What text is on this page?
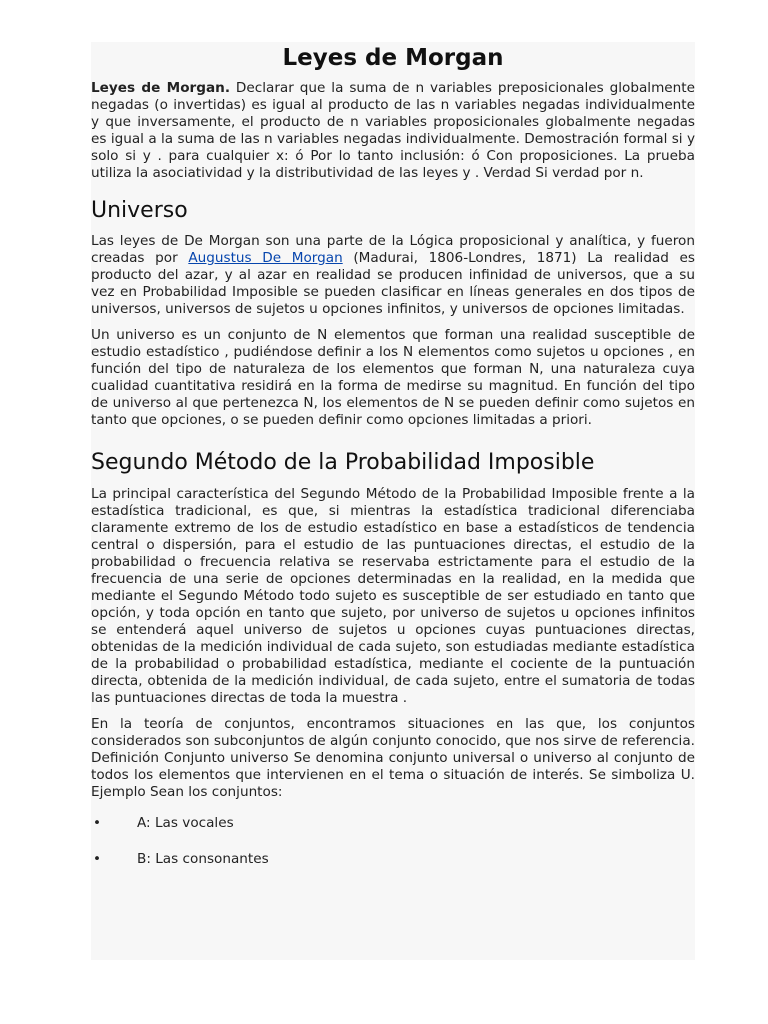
Leyes de Morgan

Leyes de Morgan. Declarar que la suma de n variables preposicionales globalmente negadas (o invertidas) es igual al producto de las n variables negadas individualmente y que inversamente, el producto de n variables proposicionales globalmente negadas es igual a la suma de las n variables negadas individualmente. Demostración formal si y solo si y . para cualquier x: ó Por lo tanto inclusión: ó Con proposiciones. La prueba utiliza la asociatividad y la distributividad de las leyes y . Verdad Si verdad por n.

Universo

Las leyes de De Morgan son una parte de la Lógica proposicional y analítica, y fueron creadas por Augustus De Morgan (Madurai, 1806-Londres, 1871) La realidad es producto del azar, y al azar en realidad se producen infinidad de universos, que a su vez en Probabilidad Imposible se pueden clasificar en líneas generales en dos tipos de universos, universos de sujetos u opciones infinitos, y universos de opciones limitadas.

Un universo es un conjunto de N elementos que forman una realidad susceptible de estudio estadístico , pudiéndose definir a los N elementos como sujetos u opciones , en función del tipo de naturaleza de los elementos que forman N, una naturaleza cuya cualidad cuantitativa residirá en la forma de medirse su magnitud. En función del tipo de universo al que pertenezca N, los elementos de N se pueden definir como sujetos en tanto que opciones, o se pueden definir como opciones limitadas a priori.

Segundo Método de la Probabilidad Imposible

La principal característica del Segundo Método de la Probabilidad Imposible frente a la estadística tradicional, es que, si mientras la estadística tradicional diferenciaba claramente extremo de los de estudio estadístico en base a estadísticos de tendencia central o dispersión, para el estudio de las puntuaciones directas, el estudio de la probabilidad o frecuencia relativa se reservaba estrictamente para el estudio de la frecuencia de una serie de opciones determinadas en la realidad, en la medida que mediante el Segundo Método todo sujeto es susceptible de ser estudiado en tanto que opción, y toda opción en tanto que sujeto, por universo de sujetos u opciones infinitos se entenderá aquel universo de sujetos u opciones cuyas puntuaciones directas, obtenidas de la medición individual de cada sujeto, son estudiadas mediante estadística de la probabilidad o probabilidad estadística, mediante el cociente de la puntuación directa, obtenida de la medición individual, de cada sujeto, entre el sumatoria de todas las puntuaciones directas de toda la muestra .

En la teoría de conjuntos, encontramos situaciones en las que, los conjuntos considerados son subconjuntos de algún conjunto conocido, que nos sirve de referencia. Definición Conjunto universo Se denomina conjunto universal o universo al conjunto de todos los elementos que intervienen en el tema o situación de interés. Se simboliza U. Ejemplo Sean los conjuntos:

•	A: Las vocales
•	B: Las consonantes
